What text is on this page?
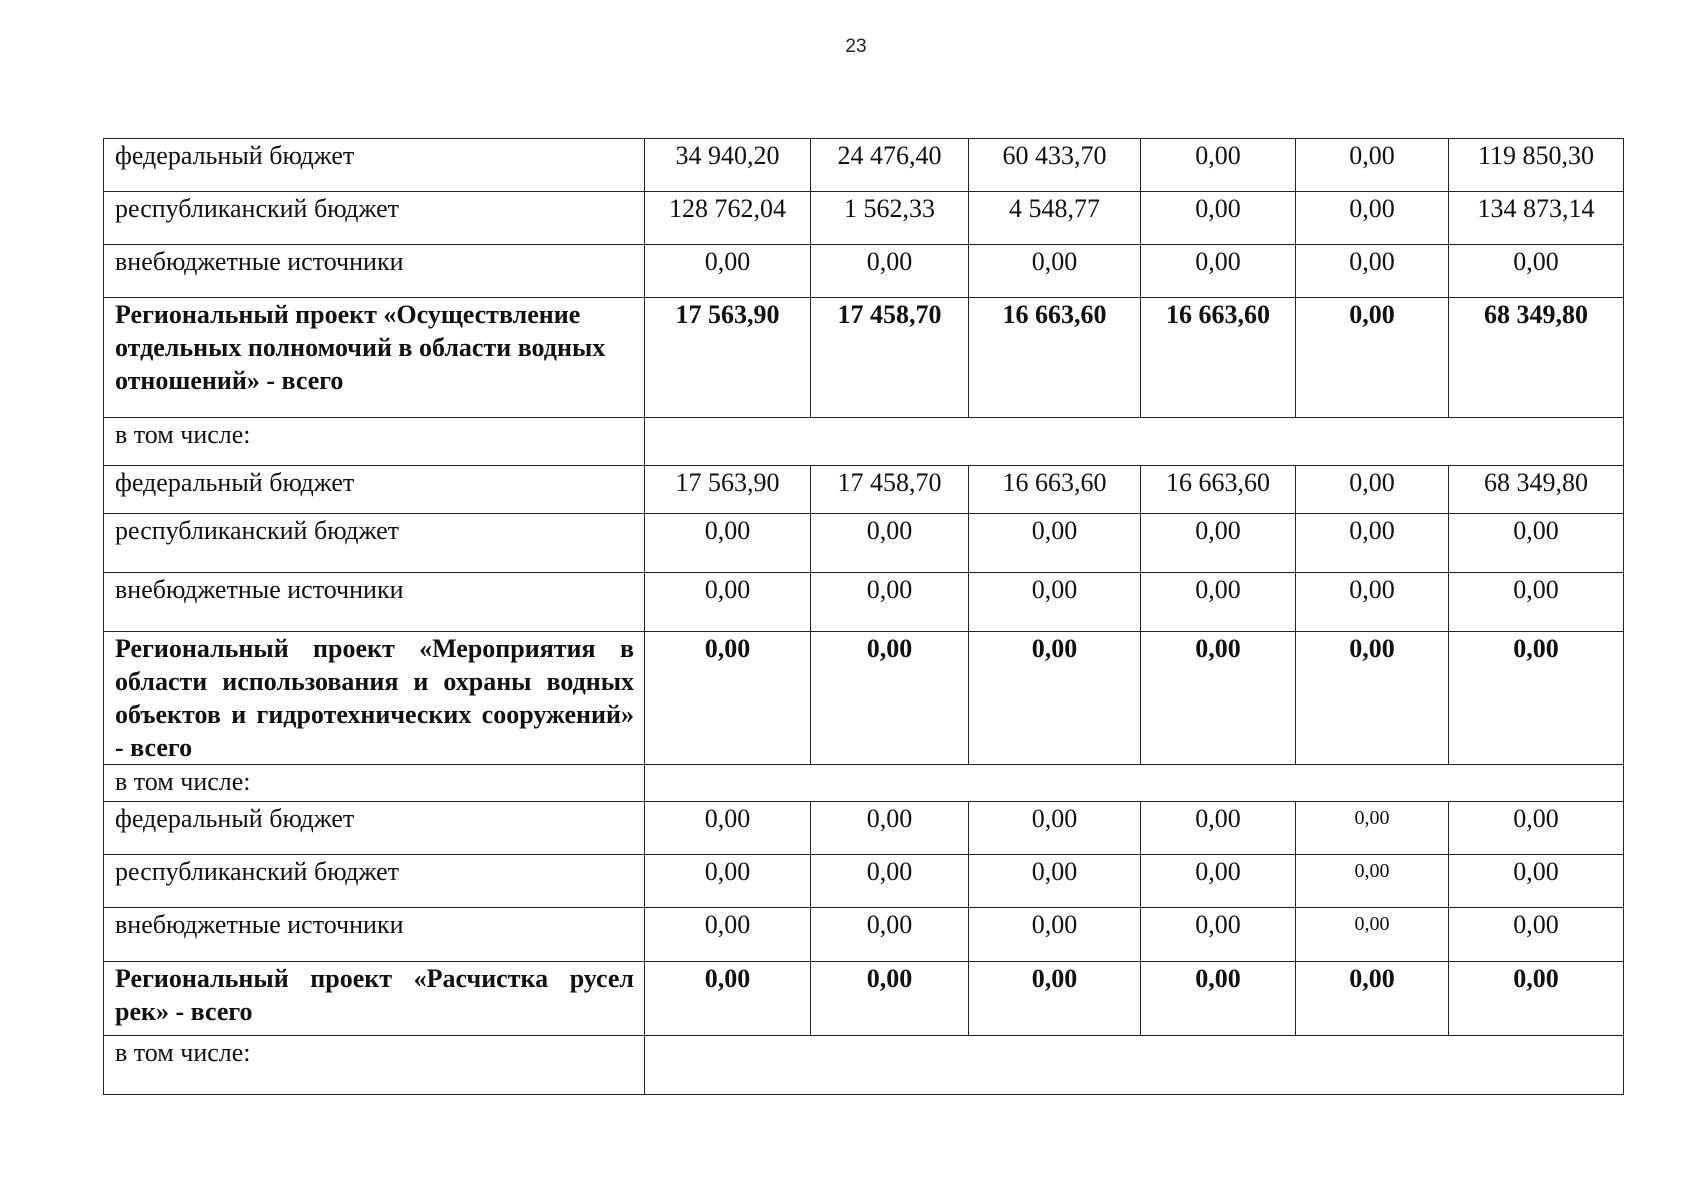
23
федеральный бюджет	34 940,20	24 476,40	60 433,70	0,00	0,00	119 850,30
республиканский бюджет	128 762,04	1 562,33	4 548,77	0,00	0,00	134 873,14
внебюджетные источники	0,00	0,00	0,00	0,00	0,00	0,00
Региональный проект «Осуществление отдельных полномочий в области водных отношений» - всего	17 563,90	17 458,70	16 663,60	16 663,60	0,00	68 349,80
в том числе:						
федеральный бюджет	17 563,90	17 458,70	16 663,60	16 663,60	0,00	68 349,80
республиканский бюджет	0,00	0,00	0,00	0,00	0,00	0,00
внебюджетные источники	0,00	0,00	0,00	0,00	0,00	0,00
Региональный проект «Мероприятия в области использования и охраны водных объектов и гидротехнических сооружений» - всего	0,00	0,00	0,00	0,00	0,00	0,00
в том числе:						
федеральный бюджет	0,00	0,00	0,00	0,00	0,00	0,00
республиканский бюджет	0,00	0,00	0,00	0,00	0,00	0,00
внебюджетные источники	0,00	0,00	0,00	0,00	0,00	0,00
Региональный проект «Расчистка русел рек» - всего	0,00	0,00	0,00	0,00	0,00	0,00
в том числе:						
